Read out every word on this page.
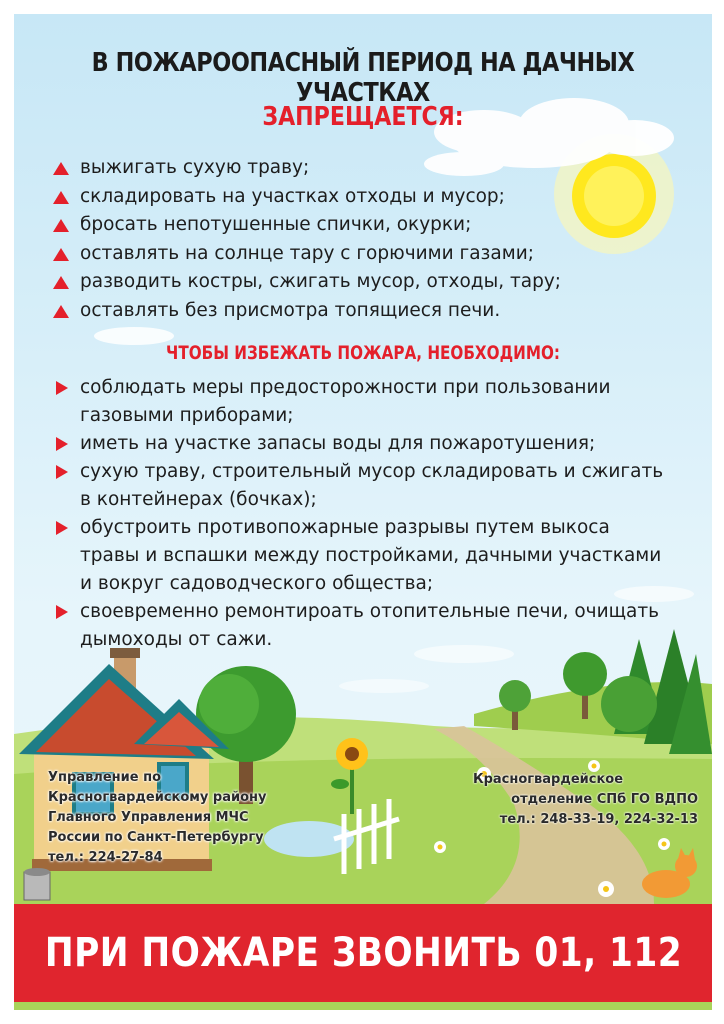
В ПОЖАРООПАСНЫЙ ПЕРИОД НА ДАЧНЫХ УЧАСТКАХ
ЗАПРЕЩАЕТСЯ:
выжигать сухую траву;
складировать на участках отходы и мусор;
бросать непотушенные спички, окурки;
оставлять на солнце тару с горючими газами;
разводить костры, сжигать мусор, отходы, тару;
оставлять без присмотра топящиеся печи.
ЧТОБЫ ИЗБЕЖАТЬ ПОЖАРА, НЕОБХОДИМО:
соблюдать меры предосторожности при пользовании газовыми приборами;
иметь на участке запасы воды для пожаротушения;
сухую траву, строительный мусор складировать и сжигать в контейнерах (бочках);
обустроить противопожарные разрывы путем выкоса травы и вспашки между постройками, дачными участками и вокруг садоводческого общества;
своевременно ремонтироать отопительные печи, очищать дымоходы от сажи.
Управление по
Красногвардейскому району
Главного Управления МЧС
России по Санкт-Петербургу
тел.: 224-27-84
Красногвардейское
отделение СПб ГО ВДПО
тел.: 248-33-19, 224-32-13
ПРИ ПОЖАРЕ ЗВОНИТЬ 01, 112
